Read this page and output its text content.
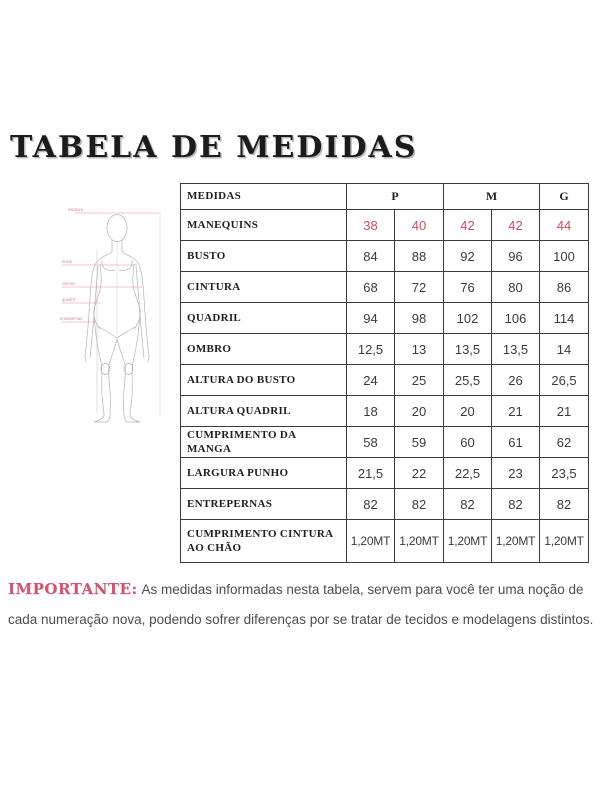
TABELA DE MEDIDAS
estatura
busto
cintura
quadril
entrepernas
MEDIDAS	P		M		G
MANEQUINS	38	40	42	42	44
BUSTO	84	88	92	96	100
CINTURA	68	72	76	80	86
QUADRIL	94	98	102	106	114
OMBRO	12,5	13	13,5	13,5	14
ALTURA DO BUSTO	24	25	25,5	26	26,5
ALTURA QUADRIL	18	20	20	21	21
CUMPRIMENTO DA MANGA	58	59	60	61	62
LARGURA PUNHO	21,5	22	22,5	23	23,5
ENTREPERNAS	82	82	82	82	82
CUMPRIMENTO CINTURA AO CHÃO	1,20MT	1,20MT	1,20MT	1,20MT	1,20MT

IMPORTANTE: As medidas informadas nesta tabela, servem para você ter uma noção de cada numeração nova, podendo sofrer diferenças por se tratar de tecidos e modelagens distintos.
